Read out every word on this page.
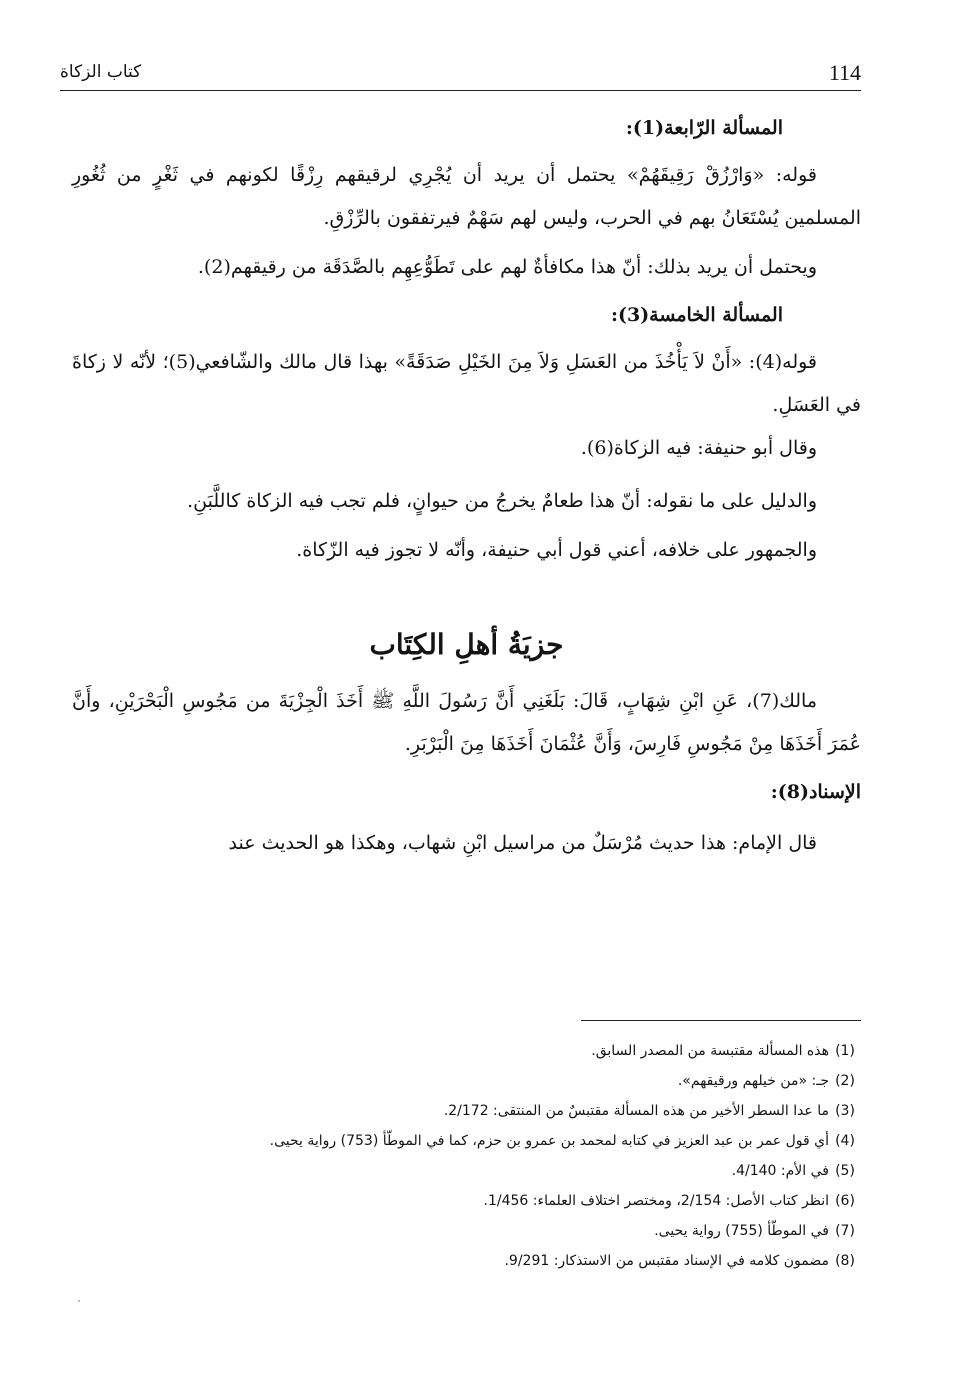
114
كتاب الزكاة

المسألة الرّابعة(1):

قوله: «وَارْزُقْ رَقِيقَهُمْ» يحتمل أن يريد أن يُجْرِي لرقيقهم رِزْقًا لكونهم في ثَغْرٍ من ثُغُورِ المسلمين يُسْتَعَانُ بهم في الحرب، وليس لهم سَهْمٌ فيرتفقون بالرِّزْقِ.

ويحتمل أن يريد بذلك: أنّ هذا مكافأةٌ لهم على تَطَوُّعِهِم بالصَّدَقَة من رقيقهم(2).

المسألة الخامسة(3):

قوله(4): «أَنْ لاَ يَأْخُذَ من العَسَلِ وَلاَ مِنَ الخَيْلِ صَدَقَةً» بهذا قال مالك والشّافعي(5)؛ لأنّه لا زكاةَ في العَسَلِ.

وقال أبو حنيفة: فيه الزكاة(6).

والدليل على ما نقوله: أنّ هذا طعامٌ يخرجُ من حيوانٍ، فلم تجب فيه الزكاة كاللَّبَنِ.

والجمهور على خلافه، أعني قول أبي حنيفة، وأنّه لا تجوز فيه الزّكاة.

جزيَةُ أهلِ الكِتَاب

مالك(7)، عَنِ ابْنِ شِهَابٍ، قَالَ: بَلَغَنِي أَنَّ رَسُولَ اللَّهِ ﷺ أَخَذَ الْجِزْيَةَ من مَجُوسِ الْبَحْرَيْنِ، وأَنَّ عُمَرَ أَخَذَهَا مِنْ مَجُوسِ فَارِسَ، وَأَنَّ عُثْمَانَ أَخَذَهَا مِنَ الْبَرْبَرِ.

الإسناد(8):

قال الإمام: هذا حديث مُرْسَلٌ من مراسيل ابْنِ شهاب، وهكذا هو الحديث عند

(1)هذه المسألة مقتبسة من المصدر السابق.

(2)جـ: «من خيلهم ورقيقهم».

(3)ما عدا السطر الأخير من هذه المسألة مقتبسٌ من المنتقى: 2/172.

(4)أي قول عمر بن عبد العزيز في كتابه لمحمد بن عمرو بن حزم، كما في الموطّأ (753) رواية يحيى.

(5)في الأم: 4/140.

(6)انظر كتاب الأصل: 2/154، ومختصر اختلاف العلماء: 1/456.

(7)في الموطّأ (755) رواية يحيى.

(8)مضمون كلامه في الإسناد مقتبس من الاستذكار: 9/291.
